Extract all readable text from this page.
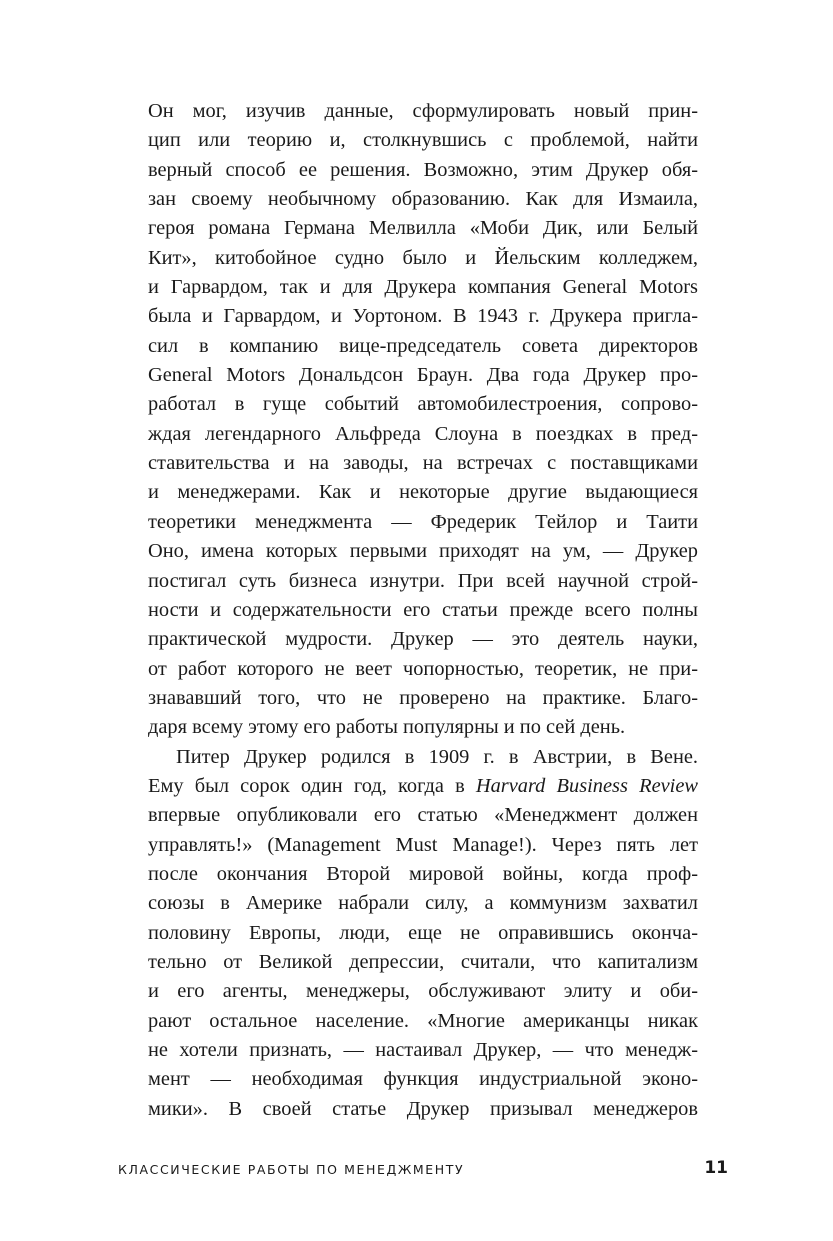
Он мог, изучив данные, сформулировать новый прин-
цип или теорию и, столкнувшись с проблемой, найти
верный способ ее решения. Возможно, этим Друкер обя-
зан своему необычному образованию. Как для Измаила,
героя романа Германа Мелвилла «Моби Дик, или Белый
Кит», китобойное судно было и Йельским колледжем,
и Гарвардом, так и для Друкера компания General Motors
была и Гарвардом, и Уортоном. В 1943 г. Друкера пригла-
сил в компанию вице-председатель совета директоров
General Motors Дональдсон Браун. Два года Друкер про-
работал в гуще событий автомобилестроения, сопрово-
ждая легендарного Альфреда Слоуна в поездках в пред-
ставительства и на заводы, на встречах с поставщиками
и менеджерами. Как и некоторые другие выдающиеся
теоретики менеджмента — Фредерик Тейлор и Таити
Оно, имена которых первыми приходят на ум, — Друкер
постигал суть бизнеса изнутри. При всей научной строй-
ности и содержательности его статьи прежде всего полны
практической мудрости. Друкер — это деятель науки,
от работ которого не веет чопорностью, теоретик, не при-
знававший того, что не проверено на практике. Благо-
даря всему этому его работы популярны и по сей день.
Питер Друкер родился в 1909 г. в Австрии, в Вене.
Ему был сорок один год, когда в Harvard Business Review
впервые опубликовали его статью «Менеджмент должен
управлять!» (Management Must Manage!). Через пять лет
после окончания Второй мировой войны, когда проф-
союзы в Америке набрали силу, а коммунизм захватил
половину Европы, люди, еще не оправившись оконча-
тельно от Великой депрессии, считали, что капитализм
и его агенты, менеджеры, обслуживают элиту и оби-
рают остальное население. «Многие американцы никак
не хотели признать, — настаивал Друкер, — что менедж-
мент — необходимая функция индустриальной эконо-
мики». В своей статье Друкер призывал менеджеров
КЛАССИЧЕСКИЕ РАБОТЫ ПО МЕНЕДЖМЕНТУ	11
